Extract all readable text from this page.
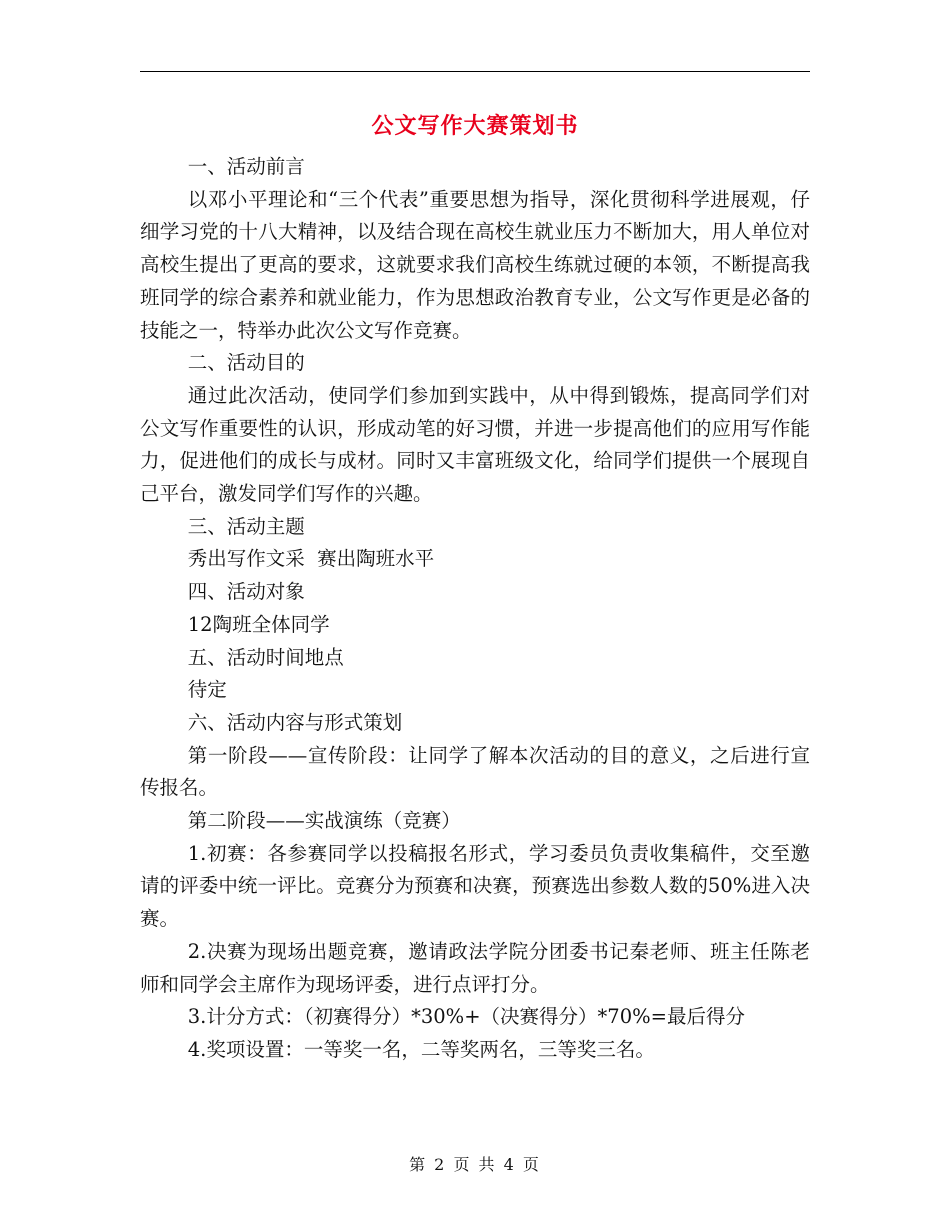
公文写作大赛策划书

一、活动前言

以邓小平理论和“三个代表”重要思想为指导，深化贯彻科学进展观，仔细学习党的十八大精神，以及结合现在高校生就业压力不断加大，用人单位对高校生提出了更高的要求，这就要求我们高校生练就过硬的本领，不断提高我班同学的综合素养和就业能力，作为思想政治教育专业，公文写作更是必备的技能之一，特举办此次公文写作竞赛。

二、活动目的

通过此次活动，使同学们参加到实践中，从中得到锻炼，提高同学们对公文写作重要性的认识，形成动笔的好习惯，并进一步提高他们的应用写作能力，促进他们的成长与成材。同时又丰富班级文化，给同学们提供一个展现自己平台，激发同学们写作的兴趣。

三、活动主题

秀出写作文采  赛出陶班水平

四、活动对象

12陶班全体同学

五、活动时间地点

待定

六、活动内容与形式策划

第一阶段——宣传阶段：让同学了解本次活动的目的意义，之后进行宣传报名。

第二阶段——实战演练（竞赛）

1.初赛：各参赛同学以投稿报名形式，学习委员负责收集稿件，交至邀请的评委中统一评比。竞赛分为预赛和决赛，预赛选出参数人数的50%进入决赛。

2.决赛为现场出题竞赛，邀请政法学院分团委书记秦老师、班主任陈老师和同学会主席作为现场评委，进行点评打分。

3.计分方式：（初赛得分）*30%+（决赛得分）*70%=最后得分

4.奖项设置：一等奖一名，二等奖两名，三等奖三名。

第 2 页 共 4 页
